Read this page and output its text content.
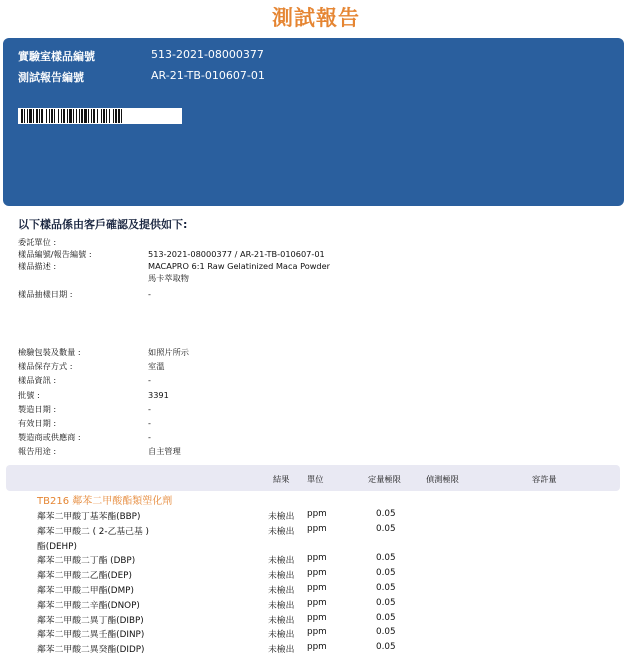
測試報告
實驗室樣品編號	513-2021-08000377
測試報告編號	AR-21-TB-010607-01
以下樣品係由客戶確認及提供如下:
委託單位 :
樣品編號/報告編號 :	513-2021-08000377 / AR-21-TB-010607-01
樣品描述 :	MACAPRO 6:1 Raw Gelatinized Maca Powder
馬卡萃取物
樣品抽樣日期 :	-
檢驗包裝及數量 :	如照片所示
樣品保存方式 :	室溫
樣品資訊 :	-
批號 :	3391
製造日期 :	-
有效日期 :	-
製造商或供應商 :	-
報告用途 :	自主管理
結果 單位	定量極限	偵測極限	容許量
TB216 鄰苯二甲酸酯類塑化劑
鄰苯二甲酸丁基苯酯(BBP)	未檢出 ppm	0.05
鄰苯二甲酸二 ( 2-乙基己基 )	未檢出 ppm	0.05
酯(DEHP)
鄰苯二甲酸二丁酯 (DBP)	未檢出 ppm	0.05
鄰苯二甲酸二乙酯(DEP)	未檢出 ppm	0.05
鄰苯二甲酸二甲酯(DMP)	未檢出 ppm	0.05
鄰苯二甲酸二辛酯(DNOP)	未檢出 ppm	0.05
鄰苯二甲酸二異丁酯(DIBP)	未檢出 ppm	0.05
鄰苯二甲酸二異壬酯(DINP)	未檢出 ppm	0.05
鄰苯二甲酸二異癸酯(DIDP)	未檢出 ppm	0.05
